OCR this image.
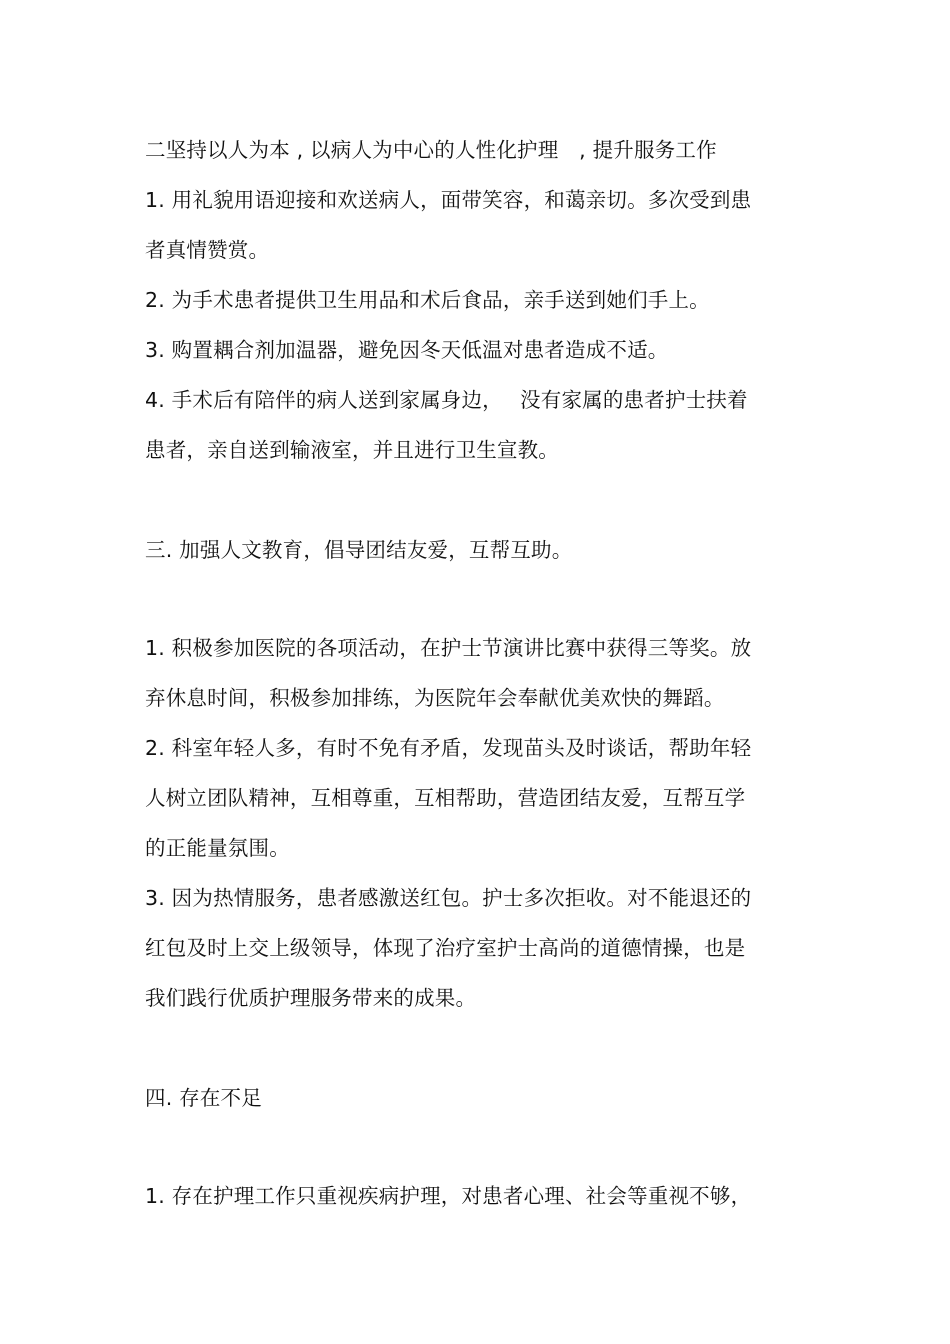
二坚持以人为本 , 以病人为中心的人性化护理　, 提升服务工作
1. 用礼貌用语迎接和欢送病人，面带笑容，和蔼亲切。多次受到患
者真情赞赏。
2. 为手术患者提供卫生用品和术后食品，亲手送到她们手上。
3. 购置耦合剂加温器，避免因冬天低温对患者造成不适。
4. 手术后有陪伴的病人送到家属身边，　 没有家属的患者护士扶着
患者，亲自送到输液室，并且进行卫生宣教。
三. 加强人文教育，倡导团结友爱，互帮互助。
1. 积极参加医院的各项活动，在护士节演讲比赛中获得三等奖。放
弃休息时间，积极参加排练，为医院年会奉献优美欢快的舞蹈。
2. 科室年轻人多，有时不免有矛盾，发现苗头及时谈话，帮助年轻
人树立团队精神，互相尊重，互相帮助，营造团结友爱，互帮互学
的正能量氛围。
3. 因为热情服务，患者感激送红包。护士多次拒收。对不能退还的
红包及时上交上级领导，体现了治疗室护士高尚的道德情操，也是
我们践行优质护理服务带来的成果。
四. 存在不足
1. 存在护理工作只重视疾病护理，对患者心理、社会等重视不够，
